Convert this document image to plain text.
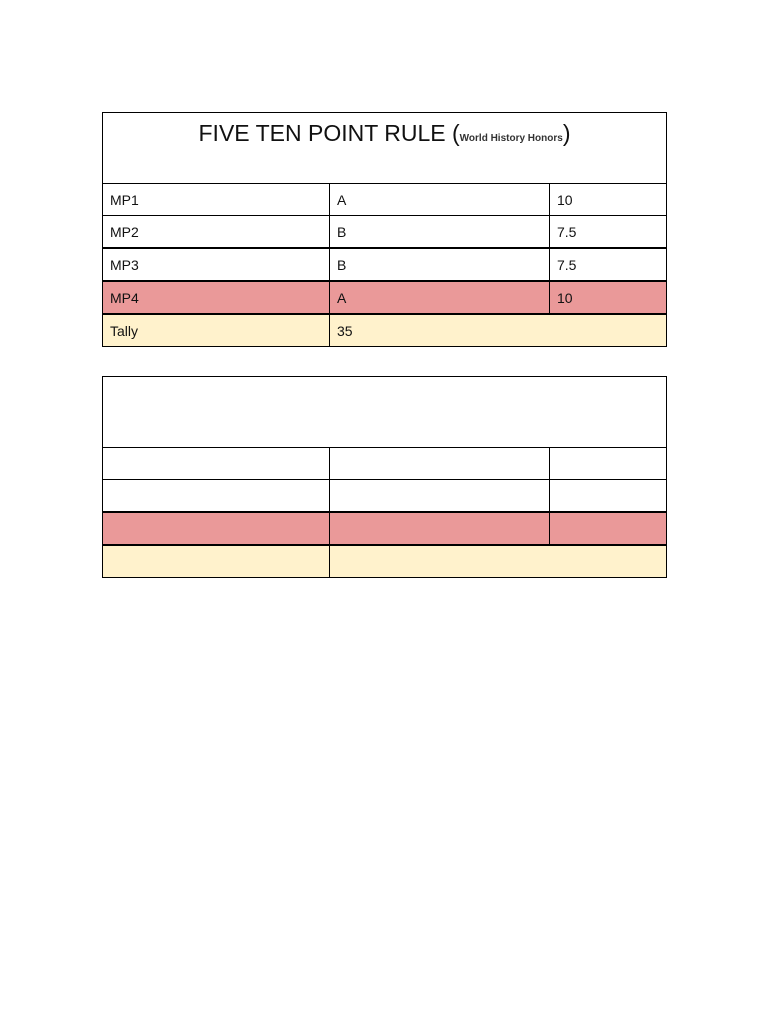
FIVE TEN POINT RULE (World History Honors)		
MP1	A	10
MP2	B	7.5
MP3	B	7.5
MP4	A	10
Tally	35	
